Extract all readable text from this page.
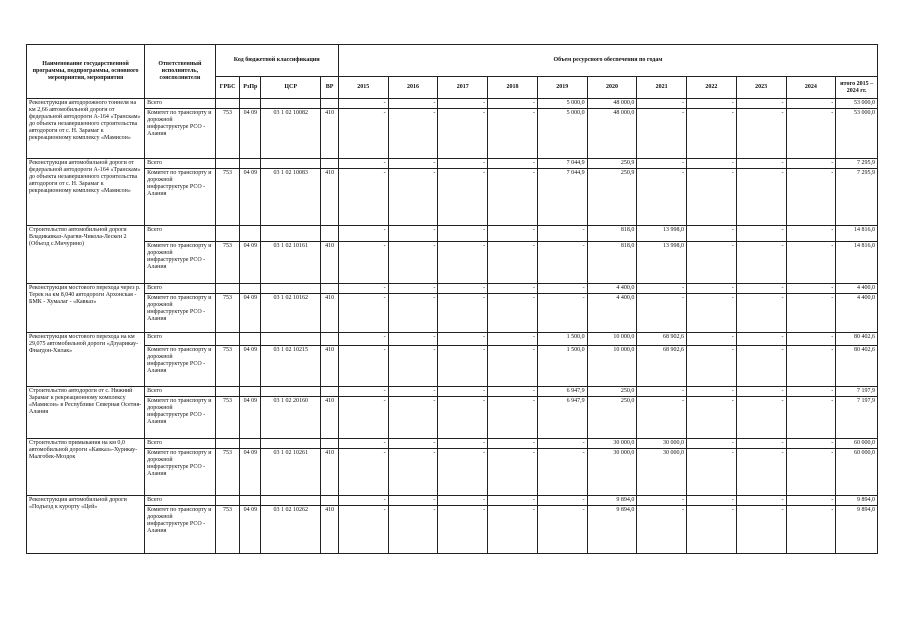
Наименование государственной программы, подпрограммы, основного мероприятия, мероприятия	Ответственный исполнитель, соисполнители	Код бюджетной классификации				Объем ресурсного обеспечения по годам										
		ГРБС	РзПр	ЦСР	ВР	2015	2016	2017	2018	2019	2020	2021	2022	2023	2024	итого 2015 – 2024 гг.
Реконструкция автодорожного тоннеля на км 2,66 автомобильной дороги от федеральной автодороги А-164 «Транскам» до объекта незавершенного строительства автодороги от с. Н. Зарамаг к рекреационному комплексу «Мамисон»	Всего					-	-	-	-	5 000,0	48 000,0	-	-	-	-	53 000,0
	Комитет по транспорту и дорожной инфраструктуре РСО - Алания	753	04 09	03 1 02 10082	410	-	-	-	-	5 000,0	48 000,0	-	-	-	-	53 000,0
Реконструкция автомобильной дороги от федеральной автодороги А-164 «Транскам» до объекта незавершенного строительства автодороги от с. Н. Зарамаг к рекреационному комплексу «Мамисон»	Всего					-	-	-	-	7 044,9	250,9	-	-	-	-	7 295,9
	Комитет по транспорту и дорожной инфраструктуре РСО - Алания	753	04 09	03 1 02 10083	410	-	-	-	-	7 044,9	250,9	-	-	-	-	7 295,9
Строительство автомобильной дороги Владикавказ-Арагви-Чикола-Лескен 2 (Объезд с.Мичурино)	Всего					-	-	-	-	-	818,0	13 998,0	-	-	-	14 816,0
	Комитет по транспорту и дорожной инфраструктуре РСО - Алания	753	04 09	03 1 02 10161	410	-	-	-	-	-	818,0	13 998,0	-	-	-	14 816,0
Реконструкция мостового перехода через р. Терек на км 8,040 автодороги Архонская - БМК - Хумалаг - «Кавказ»	Всего					-	-	-	-	-	4 400,0	-	-	-	-	4 400,0
	Комитет по транспорту и дорожной инфраструктуре РСО - Алания	753	04 09	03 1 02 10162	410	-	-	-	-	-	4 400,0	-	-	-	-	4 400,0
Реконструкция мостового перехода на км 29,075 автомобильной дороги «Дзуарикау-Фиагдон-Хилак»	Всего					-	-	-	-	1 500,0	10 000,0	68 902,6	-	-	-	80 402,6
	Комитет по транспорту и дорожной инфраструктуре РСО - Алания	753	04 09	03 1 02 10215	410	-	-	-	-	1 500,0	10 000,0	68 902,6	-	-	-	80 402,6
Строительство автодороги от с. Нижний Зарамаг к рекреационному комплексу «Мамисон» в Республике Северная Осетия-Алания	Всего					-	-	-	-	6 947,9	250,0	-	-	-	-	7 197,9
	Комитет по транспорту и дорожной инфраструктуре РСО - Алания	753	04 09	03 1 02 20160	410	-	-	-	-	6 947,9	250,0	-	-	-	-	7 197,9
Строительство примыкания на км 0,0 автомобильной дороги «Кавказ»-Хурикау-Малгобек-Моздок	Всего					-	-	-	-	-	30 000,0	30 000,0	-	-	-	60 000,0
	Комитет по транспорту и дорожной инфраструктуре РСО - Алания	753	04 09	03 1 02 10261	410	-	-	-	-	-	30 000,0	30 000,0	-	-	-	60 000,0
Реконструкция автомобильной дороги «Подъезд к курорту «Цей»	Всего					-	-	-	-	-	9 894,0	-	-	-	-	9 894,0
	Комитет по транспорту и дорожной инфраструктуре РСО - Алания	753	04 09	03 1 02 10262	410	-	-	-	-	-	9 894,0	-	-	-	-	9 894,0
